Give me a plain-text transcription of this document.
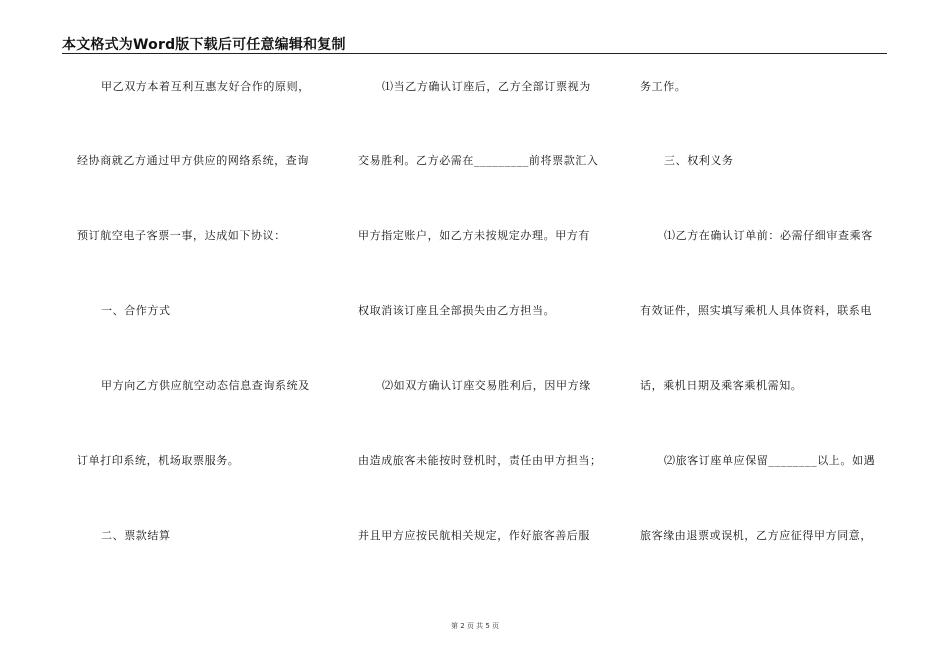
本文格式为Word版下载后可任意编辑和复制
甲乙双方本着互利互惠友好合作的原则，
经协商就乙方通过甲方供应的网络系统，查询
预订航空电子客票一事，达成如下协议：
一、合作方式
甲方向乙方供应航空动态信息查询系统及
订单打印系统，机场取票服务。
二、票款结算
⑴当乙方确认订座后，乙方全部订票视为
交易胜利。乙方必需在_________前将票款汇入
甲方指定账户，如乙方未按规定办理。甲方有
权取消该订座且全部损失由乙方担当。
⑵如双方确认订座交易胜利后，因甲方缘
由造成旅客未能按时登机时，责任由甲方担当；
并且甲方应按民航相关规定，作好旅客善后服
务工作。
三、权利义务
⑴乙方在确认订单前：必需仔细审查乘客
有效证件，照实填写乘机人具体资料，联系电
话，乘机日期及乘客乘机需知。
⑵旅客订座单应保留________以上。如遇
旅客缘由退票或误机，乙方应征得甲方同意，
第 2 页 共 5 页
